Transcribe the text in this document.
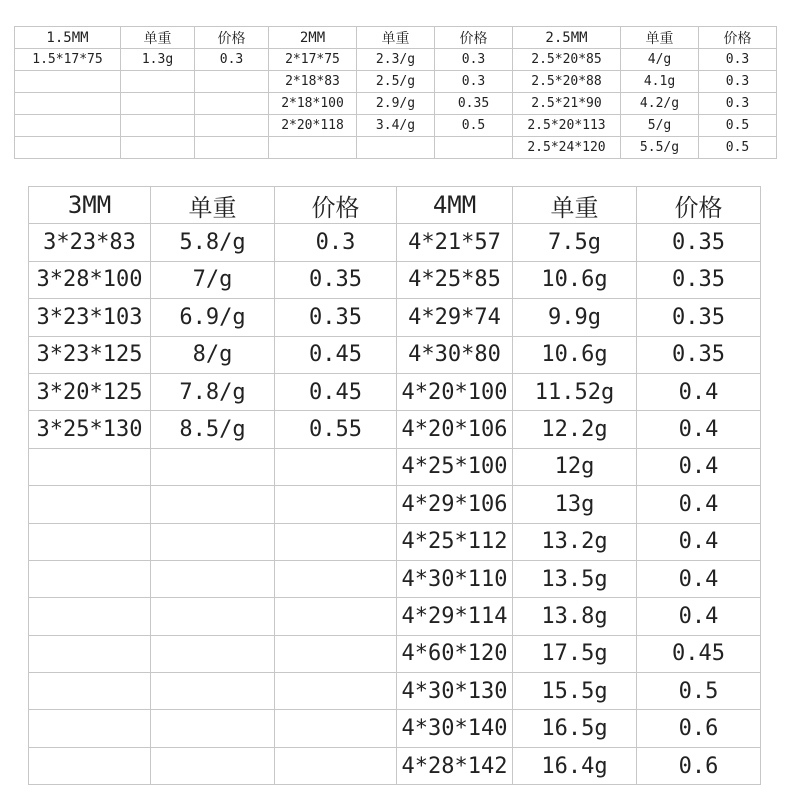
1.5MM	单重	价格	2MM	单重	价格	2.5MM	单重	价格
1.5*17*75	1.3g	0.3	2*17*75	2.3/g	0.3	2.5*20*85	4/g	0.3
			2*18*83	2.5/g	0.3	2.5*20*88	4.1g	0.3
			2*18*100	2.9/g	0.35	2.5*21*90	4.2/g	0.3
			2*20*118	3.4/g	0.5	2.5*20*113	5/g	0.5
						2.5*24*120	5.5/g	0.5
3MM	单重	价格	4MM	单重	价格
3*23*83	5.8/g	0.3	4*21*57	7.5g	0.35
3*28*100	7/g	0.35	4*25*85	10.6g	0.35
3*23*103	6.9/g	0.35	4*29*74	9.9g	0.35
3*23*125	8/g	0.45	4*30*80	10.6g	0.35
3*20*125	7.8/g	0.45	4*20*100	11.52g	0.4
3*25*130	8.5/g	0.55	4*20*106	12.2g	0.4
			4*25*100	12g	0.4
			4*29*106	13g	0.4
			4*25*112	13.2g	0.4
			4*30*110	13.5g	0.4
			4*29*114	13.8g	0.4
			4*60*120	17.5g	0.45
			4*30*130	15.5g	0.5
			4*30*140	16.5g	0.6
			4*28*142	16.4g	0.6
